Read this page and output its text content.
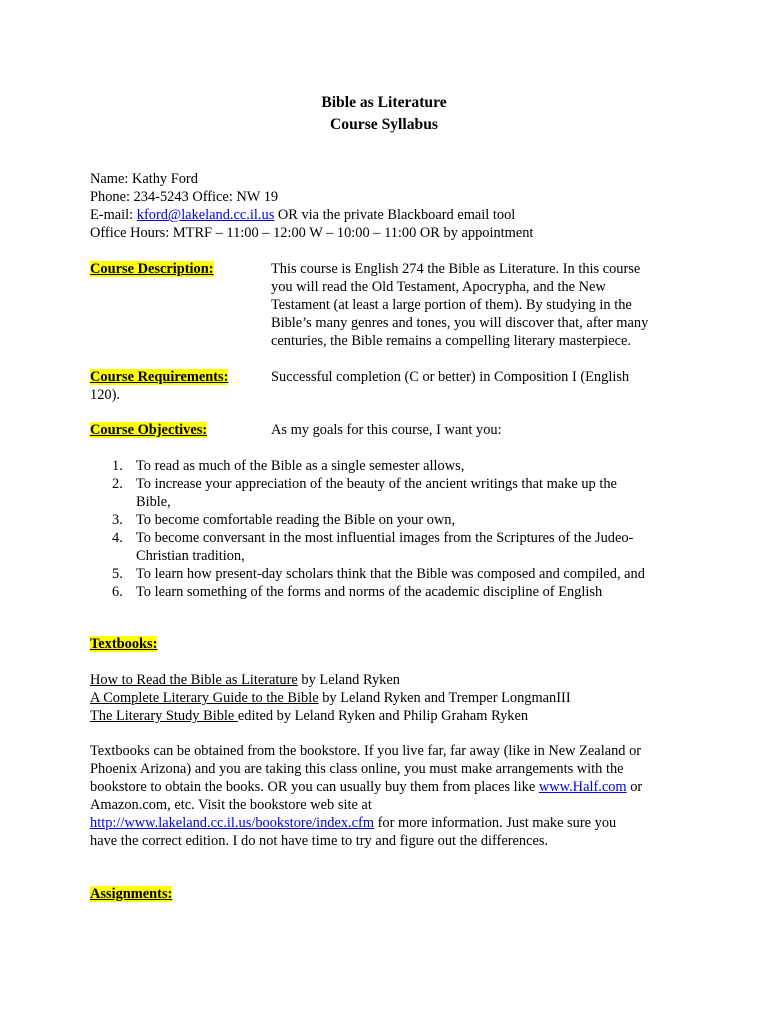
Bible as Literature
Course Syllabus
Name: Kathy Ford
Phone: 234-5243 Office: NW 19
E-mail: kford@lakeland.cc.il.us OR via the private Blackboard email tool
Office Hours: MTRF – 11:00 – 12:00 W – 10:00 – 11:00 OR by appointment
Course Description:	This course is English 274 the Bible as Literature. In this course
you will read the Old Testament, Apocrypha, and the New
Testament (at least a large portion of them). By studying in the
Bible’s many genres and tones, you will discover that, after many
centuries, the Bible remains a compelling literary masterpiece.
Course Requirements:	Successful completion (C or better) in Composition I (English
120).
Course Objectives:	As my goals for this course, I want you:
1. To read as much of the Bible as a single semester allows,
2. To increase your appreciation of the beauty of the ancient writings that make up the
Bible,
3. To become comfortable reading the Bible on your own,
4. To become conversant in the most influential images from the Scriptures of the Judeo-
Christian tradition,
5. To learn how present-day scholars think that the Bible was composed and compiled, and
6. To learn something of the forms and norms of the academic discipline of English
Textbooks:
How to Read the Bible as Literature by Leland Ryken
A Complete Literary Guide to the Bible by Leland Ryken and Tremper LongmanIII
The Literary Study Bible edited by Leland Ryken and Philip Graham Ryken
Textbooks can be obtained from the bookstore. If you live far, far away (like in New Zealand or
Phoenix Arizona) and you are taking this class online, you must make arrangements with the
bookstore to obtain the books. OR you can usually buy them from places like www.Half.com or
Amazon.com, etc. Visit the bookstore web site at
http://www.lakeland.cc.il.us/bookstore/index.cfm for more information. Just make sure you
have the correct edition. I do not have time to try and figure out the differences.
Assignments:
